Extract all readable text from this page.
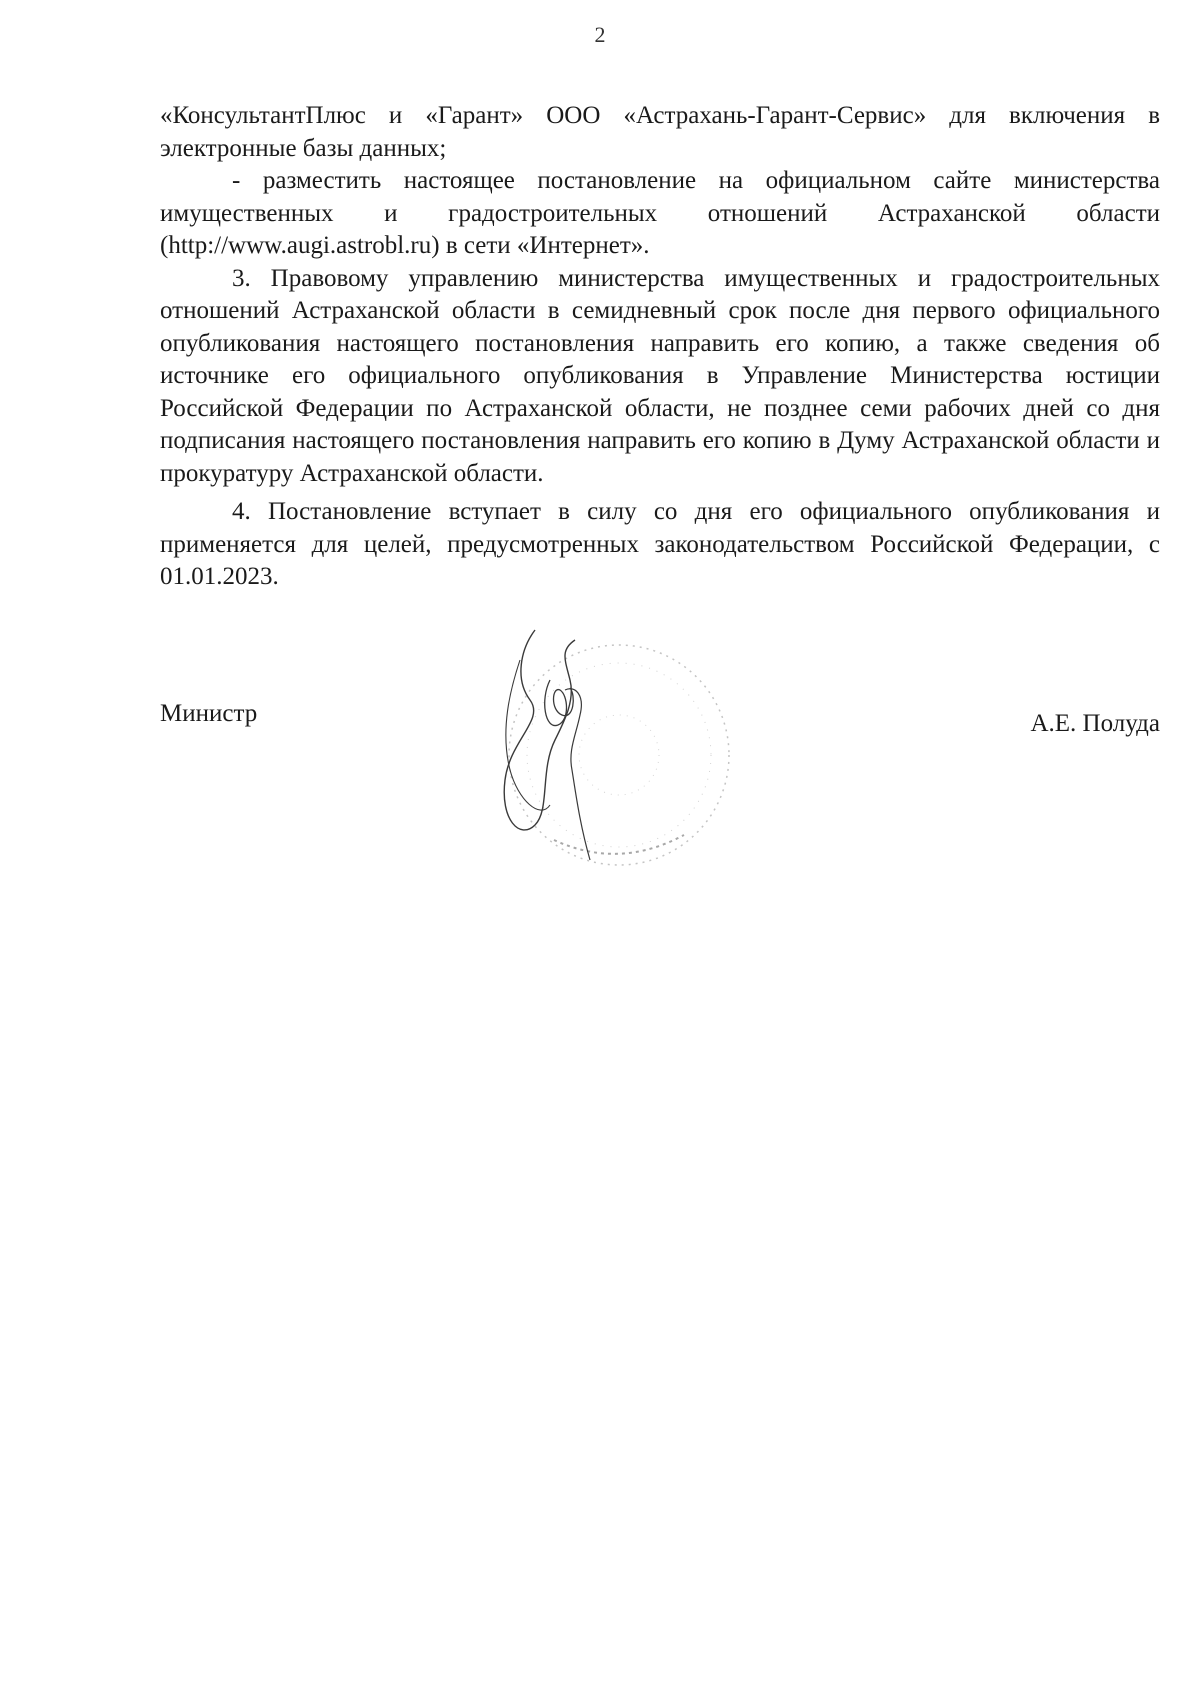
2

«КонсультантПлюс и «Гарант» ООО «Астрахань-Гарант-Сервис» для включения в электронные базы данных;

- разместить настоящее постановление на официальном сайте министерства имущественных и градостроительных отношений Астраханской области (http://www.augi.astrobl.ru) в сети «Интернет».

3. Правовому управлению министерства имущественных и градостроительных отношений Астраханской области в семидневный срок после дня первого официального опубликования настоящего постановления направить его копию, а также сведения об источнике его официального опубликования в Управление Министерства юстиции Российской Федерации по Астраханской области, не позднее семи рабочих дней со дня подписания настоящего постановления направить его копию в Думу Астраханской области и прокуратуру Астраханской области.

4. Постановление вступает в силу со дня его официального опубликования и применяется для целей, предусмотренных законодательством Российской Федерации, с 01.01.2023.

Министр	А.Е. Полуда
